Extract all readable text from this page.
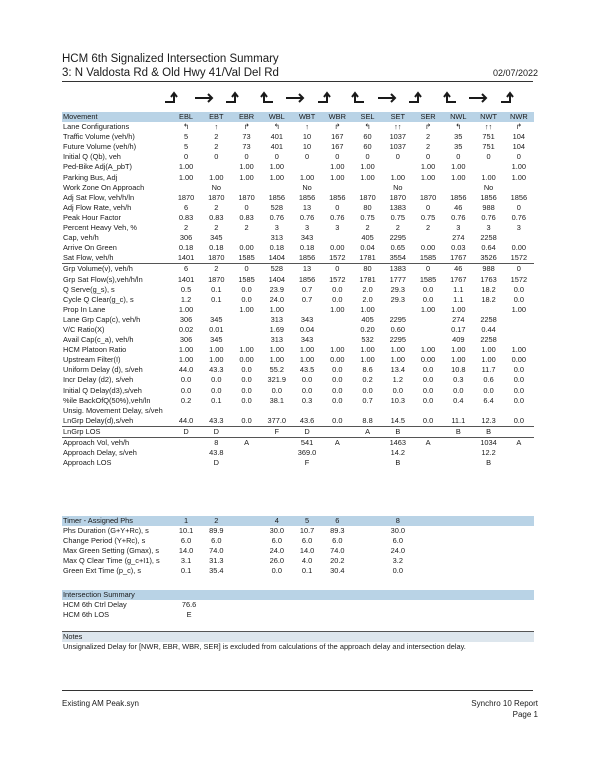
HCM 6th Signalized Intersection Summary
3: N Valdosta Rd & Old Hwy 41/Val Del Rd	02/07/2022
Movement	EBL	EBT	EBR	WBL	WBT	WBR	SEL	SET	SER	NWL	NWT	NWR
Lane Configurations	↰	↑	↱	↰	↑	↱	↰	↑↑	↱	↰	↑↑	↱
Traffic Volume (veh/h)	5	2	73	401	10	167	60	1037	2	35	751	104
Future Volume (veh/h)	5	2	73	401	10	167	60	1037	2	35	751	104
Initial Q (Qb), veh	0	0	0	0	0	0	0	0	0	0	0	0
Ped-Bike Adj(A_pbT)	1.00		1.00	1.00		1.00	1.00		1.00	1.00		1.00
Parking Bus, Adj	1.00	1.00	1.00	1.00	1.00	1.00	1.00	1.00	1.00	1.00	1.00	1.00
Work Zone On Approach		No			No			No			No	
Adj Sat Flow, veh/h/ln	1870	1870	1870	1856	1856	1856	1870	1870	1870	1856	1856	1856
Adj Flow Rate, veh/h	6	2	0	528	13	0	80	1383	0	46	988	0
Peak Hour Factor	0.83	0.83	0.83	0.76	0.76	0.76	0.75	0.75	0.75	0.76	0.76	0.76
Percent Heavy Veh, %	2	2	2	3	3	3	2	2	2	3	3	3
Cap, veh/h	306	345		313	343		405	2295		274	2258	
Arrive On Green	0.18	0.18	0.00	0.18	0.18	0.00	0.04	0.65	0.00	0.03	0.64	0.00
Sat Flow, veh/h	1401	1870	1585	1404	1856	1572	1781	3554	1585	1767	3526	1572
Grp Volume(v), veh/h	6	2	0	528	13	0	80	1383	0	46	988	0
Grp Sat Flow(s),veh/h/ln	1401	1870	1585	1404	1856	1572	1781	1777	1585	1767	1763	1572
Q Serve(g_s), s	0.5	0.1	0.0	23.9	0.7	0.0	2.0	29.3	0.0	1.1	18.2	0.0
Cycle Q Clear(g_c), s	1.2	0.1	0.0	24.0	0.7	0.0	2.0	29.3	0.0	1.1	18.2	0.0
Prop In Lane	1.00		1.00	1.00		1.00	1.00		1.00	1.00		1.00
Lane Grp Cap(c), veh/h	306	345		313	343		405	2295		274	2258	
V/C Ratio(X)	0.02	0.01		1.69	0.04		0.20	0.60		0.17	0.44	
Avail Cap(c_a), veh/h	306	345		313	343		532	2295		409	2258	
HCM Platoon Ratio	1.00	1.00	1.00	1.00	1.00	1.00	1.00	1.00	1.00	1.00	1.00	1.00
Upstream Filter(I)	1.00	1.00	0.00	1.00	1.00	0.00	1.00	1.00	0.00	1.00	1.00	0.00
Uniform Delay (d), s/veh	44.0	43.3	0.0	55.2	43.5	0.0	8.6	13.4	0.0	10.8	11.7	0.0
Incr Delay (d2), s/veh	0.0	0.0	0.0	321.9	0.0	0.0	0.2	1.2	0.0	0.3	0.6	0.0
Initial Q Delay(d3),s/veh	0.0	0.0	0.0	0.0	0.0	0.0	0.0	0.0	0.0	0.0	0.0	0.0
%ile BackOfQ(50%),veh/ln	0.2	0.1	0.0	38.1	0.3	0.0	0.7	10.3	0.0	0.4	6.4	0.0
Unsig. Movement Delay, s/veh												
LnGrp Delay(d),s/veh	44.0	43.3	0.0	377.0	43.6	0.0	8.8	14.5	0.0	11.1	12.3	0.0
LnGrp LOS	D	D		F	D		A	B		B	B	
Approach Vol, veh/h		8	A		541	A		1463	A		1034	A
Approach Delay, s/veh		43.8			369.0			14.2			12.2	
Approach LOS		D			F			B			B	
Timer - Assigned Phs	1	2		4	5	6		8				
Phs Duration (G+Y+Rc), s	10.1	89.9		30.0	10.7	89.3		30.0				
Change Period (Y+Rc), s	6.0	6.0		6.0	6.0	6.0		6.0				
Max Green Setting (Gmax), s	14.0	74.0		24.0	14.0	74.0		24.0				
Max Q Clear Time (g_c+I1), s	3.1	31.3		26.0	4.0	20.2		3.2				
Green Ext Time (p_c), s	0.1	35.4		0.0	0.1	30.4		0.0				
Intersection Summary			
HCM 6th Ctrl Delay			76.6
HCM 6th LOS			E
Notes
Unsignalized Delay for [NWR, EBR, WBR, SER] is excluded from calculations of the approach delay and intersection delay.
Existing AM Peak.syn	Synchro 10 Report
Page 1
